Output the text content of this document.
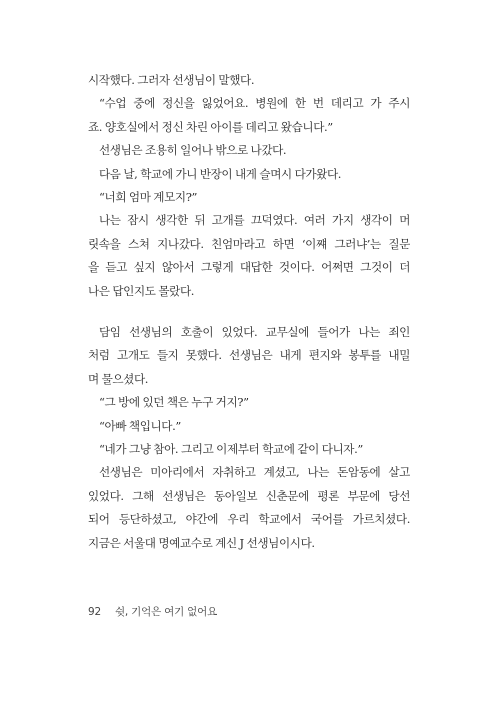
시작했다. 그러자 선생님이 말했다.
“수업 중에 정신을 잃었어요. 병원에 한 번 데리고 가 주시
죠. 양호실에서 정신 차린 아이를 데리고 왔습니다.”
선생님은 조용히 일어나 밖으로 나갔다.
다음 날, 학교에 가니 반장이 내게 슬며시 다가왔다.
“너희 엄마 계모지?”
나는 잠시 생각한 뒤 고개를 끄덕였다. 여러 가지 생각이 머
릿속을 스쳐 지나갔다. 친엄마라고 하면 ‘이쨰 그러냐’는 질문
을 듣고 싶지 않아서 그렇게 대답한 것이다. 어쩌면 그것이 더
나은 답인지도 몰랐다.
담임 선생님의 호출이 있었다. 교무실에 들어가 나는 죄인
처럼 고개도 들지 못했다. 선생님은 내게 편지와 봉투를 내밀
며 물으셨다.
“그 방에 있던 책은 누구 거지?”
“아빠 책입니다.”
“네가 그냥 참아. 그리고 이제부터 학교에 같이 다니자.”
선생님은 미아리에서 자취하고 계셨고, 나는 돈암동에 살고
있었다. 그해 선생님은 동아일보 신춘문에 평론 부문에 당선
되어 등단하셨고, 야간에 우리 학교에서 국어를 가르치셨다.
지금은 서울대 명예교수로 계신 J 선생님이시다.
92 쉿, 기억은 여기 없어요
